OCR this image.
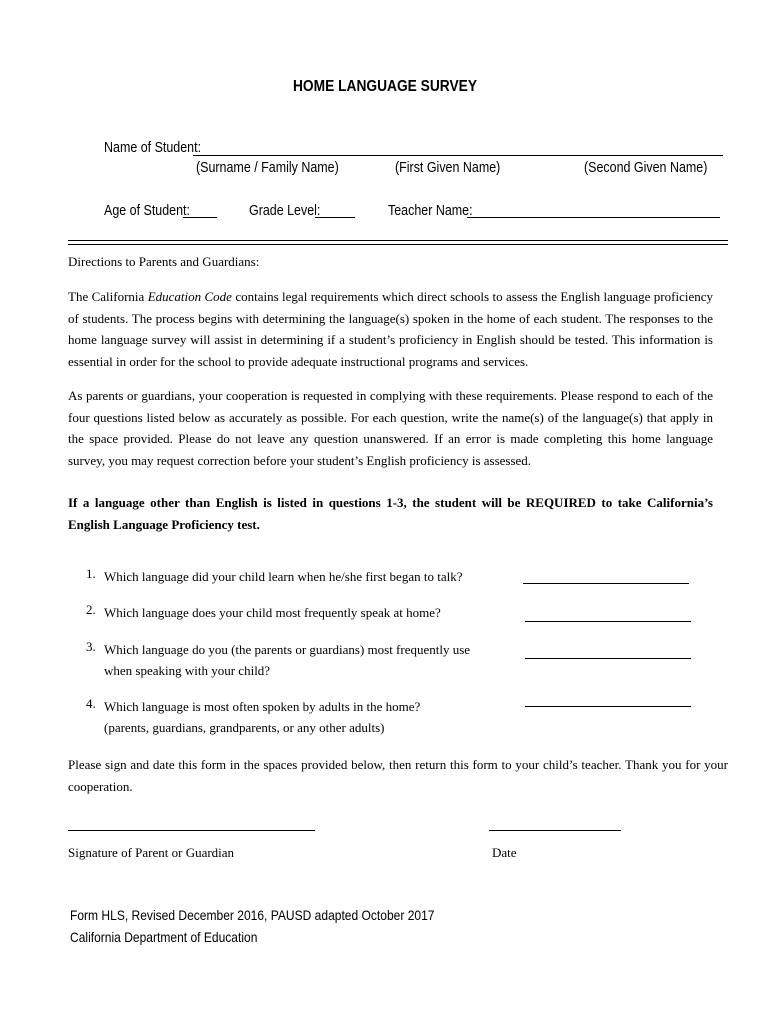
HOME LANGUAGE SURVEY
Name of Student:
(Surname / Family Name)	(First Given Name)	(Second Given Name)
Age of Student:	Grade Level:	Teacher Name:
Directions to Parents and Guardians:
The California Education Code contains legal requirements which direct schools to assess the English language proficiency of students. The process begins with determining the language(s) spoken in the home of each student. The responses to the home language survey will assist in determining if a student’s proficiency in English should be tested. This information is essential in order for the school to provide adequate instructional programs and services.
As parents or guardians, your cooperation is requested in complying with these requirements. Please respond to each of the four questions listed below as accurately as possible. For each question, write the name(s) of the language(s) that apply in the space provided. Please do not leave any question unanswered. If an error is made completing this home language survey, you may request correction before your student’s English proficiency is assessed.
If a language other than English is listed in questions 1-3, the student will be REQUIRED to take California’s English Language Proficiency test.
1. Which language did your child learn when he/she first began to talk?
2. Which language does your child most frequently speak at home?
3. Which language do you (the parents or guardians) most frequently use
when speaking with your child?
4. Which language is most often spoken by adults in the home?
(parents, guardians, grandparents, or any other adults)
Please sign and date this form in the spaces provided below, then return this form to your child’s teacher. Thank you for your cooperation.
Signature of Parent or Guardian	Date
Form HLS, Revised December 2016, PAUSD adapted October 2017
California Department of Education
